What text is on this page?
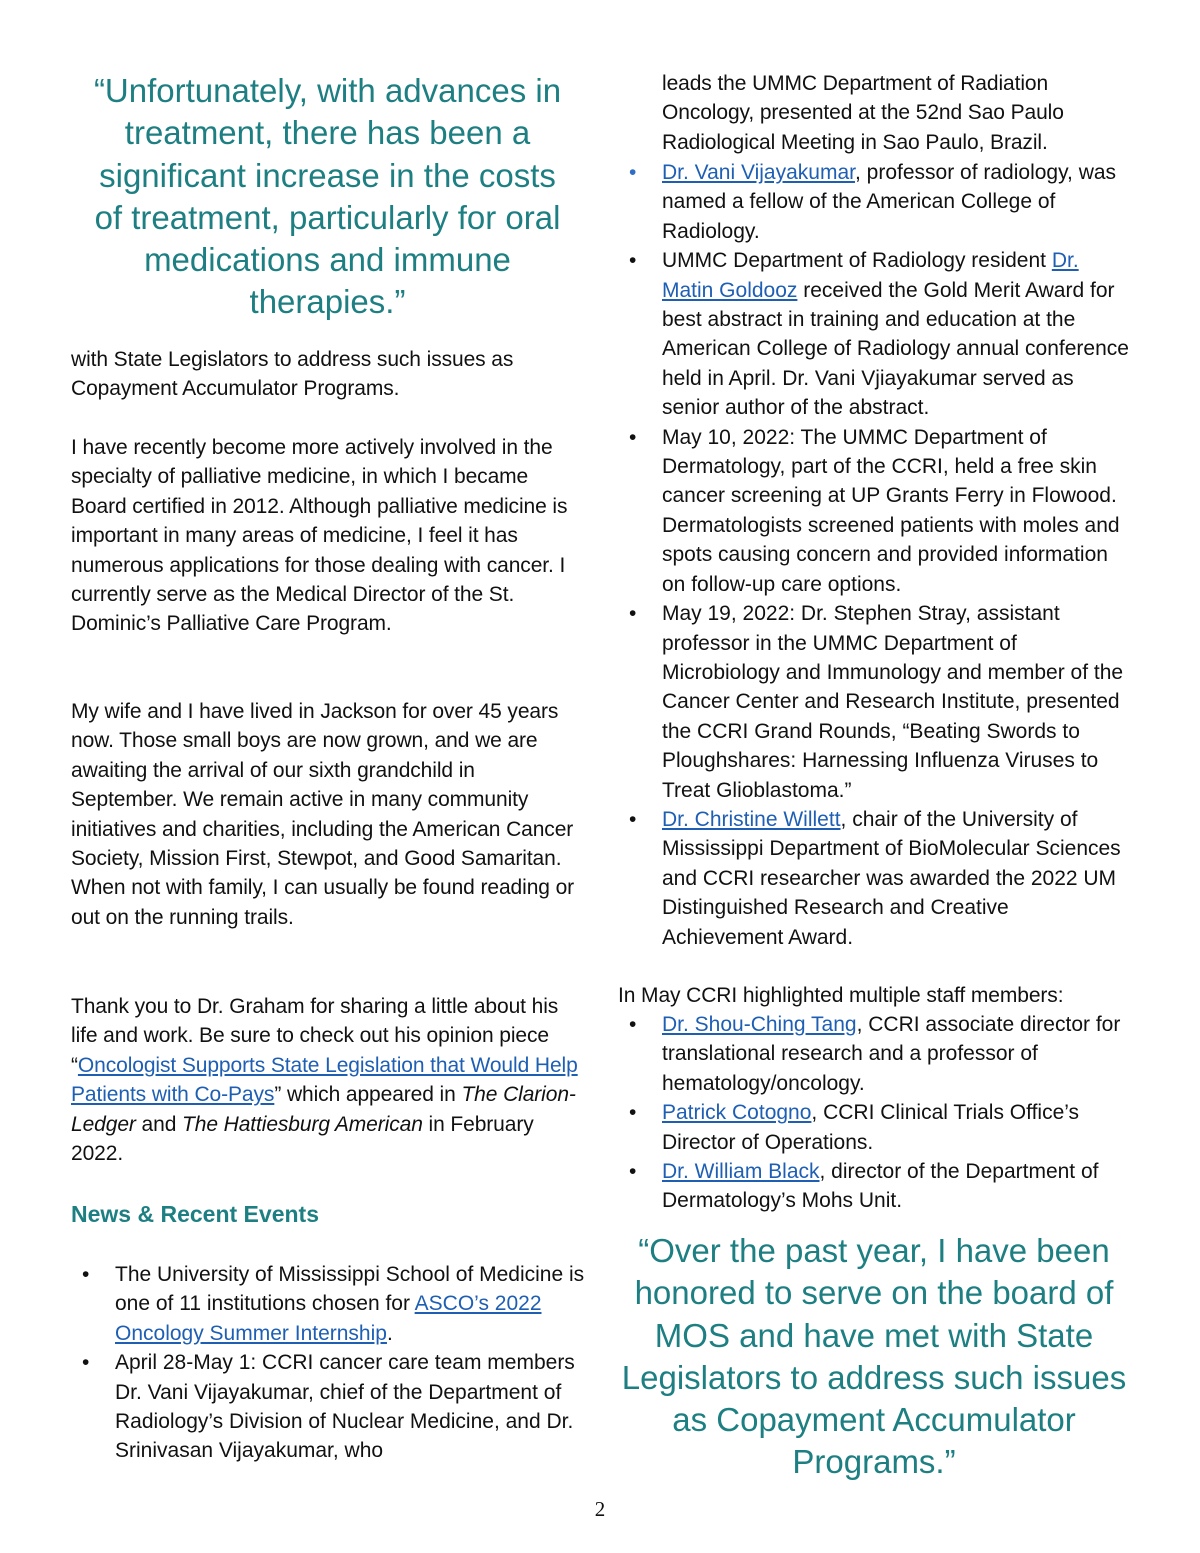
“Unfortunately, with advances in treatment, there has been a significant increase in the costs of treatment, particularly for oral medications and immune therapies.”

with State Legislators to address such issues as Copayment Accumulator Programs.

I have recently become more actively involved in the specialty of palliative medicine, in which I became Board certified in 2012. Although palliative medicine is important in many areas of medicine, I feel it has numerous applications for those dealing with cancer. I currently serve as the Medical Director of the St. Dominic’s Palliative Care Program.

My wife and I have lived in Jackson for over 45 years now. Those small boys are now grown, and we are awaiting the arrival of our sixth grandchild in September. We remain active in many community initiatives and charities, including the American Cancer Society, Mission First, Stewpot, and Good Samaritan. When not with family, I can usually be found reading or out on the running trails.

Thank you to Dr. Graham for sharing a little about his life and work. Be sure to check out his opinion piece “Oncologist Supports State Legislation that Would Help Patients with Co-Pays” which appeared in The Clarion-Ledger and The Hattiesburg American in February 2022.

News & Recent Events
• The University of Mississippi School of Medicine is one of 11 institutions chosen for ASCO’s 2022 Oncology Summer Internship.
• April 28-May 1: CCRI cancer care team members Dr. Vani Vijayakumar, chief of the Department of Radiology’s Division of Nuclear Medicine, and Dr. Srinivasan Vijayakumar, who

leads the UMMC Department of Radiation Oncology, presented at the 52nd Sao Paulo Radiological Meeting in Sao Paulo, Brazil.

• Dr. Vani Vijayakumar, professor of radiology, was named a fellow of the American College of Radiology.
• UMMC Department of Radiology resident Dr. Matin Goldooz received the Gold Merit Award for best abstract in training and education at the American College of Radiology annual conference held in April. Dr. Vani Vjiayakumar served as senior author of the abstract.
• May 10, 2022: The UMMC Department of Dermatology, part of the CCRI, held a free skin cancer screening at UP Grants Ferry in Flowood. Dermatologists screened patients with moles and spots causing concern and provided information on follow-up care options.
• May 19, 2022: Dr. Stephen Stray, assistant professor in the UMMC Department of Microbiology and Immunology and member of the Cancer Center and Research Institute, presented the CCRI Grand Rounds, “Beating Swords to Ploughshares: Harnessing Influenza Viruses to Treat Glioblastoma.”
• Dr. Christine Willett, chair of the University of Mississippi Department of BioMolecular Sciences and CCRI researcher was awarded the 2022 UM Distinguished Research and Creative Achievement Award.

In May CCRI highlighted multiple staff members:

• Dr. Shou-Ching Tang, CCRI associate director for translational research and a professor of hematology/oncology.
• Patrick Cotogno, CCRI Clinical Trials Office’s Director of Operations.
• Dr. William Black, director of the Department of Dermatology’s Mohs Unit.

“Over the past year, I have been honored to serve on the board of MOS and have met with State Legislators to address such issues as Copayment Accumulator Programs.”

2
